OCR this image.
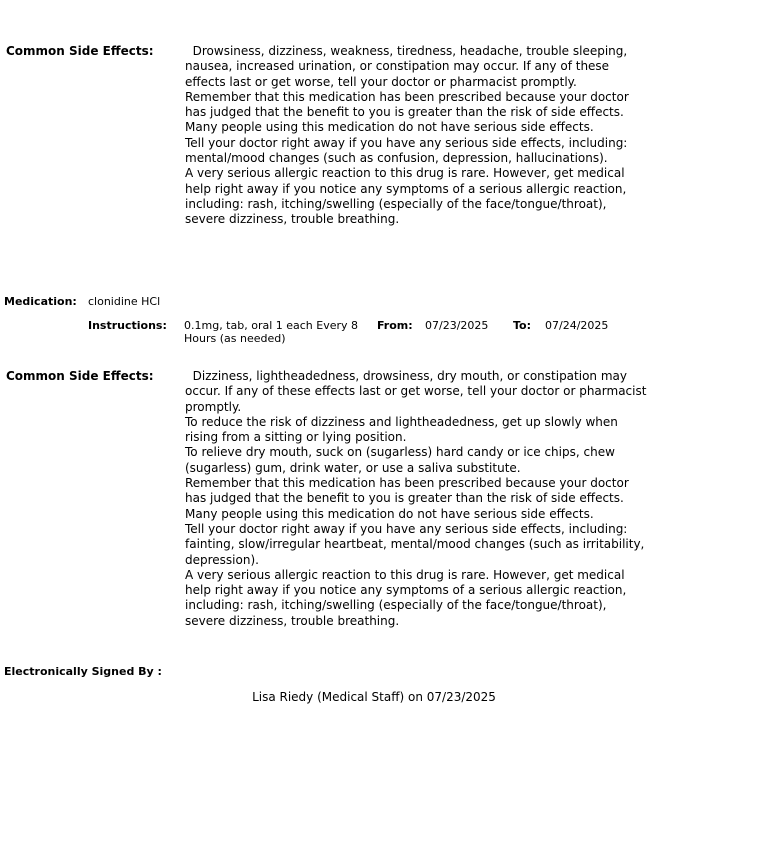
Common Side Effects:	Drowsiness, dizziness, weakness, tiredness, headache, trouble sleeping, nausea, increased urination, or constipation may occur. If any of these effects last or get worse, tell your doctor or pharmacist promptly.

Remember that this medication has been prescribed because your doctor has judged that the benefit to you is greater than the risk of side effects. Many people using this medication do not have serious side effects.

Tell your doctor right away if you have any serious side effects, including: mental/mood changes (such as confusion, depression, hallucinations).

A very serious allergic reaction to this drug is rare. However, get medical help right away if you notice any symptoms of a serious allergic reaction, including: rash, itching/swelling (especially of the face/tongue/throat), severe dizziness, trouble breathing.

Medication: clonidine HCl
Instructions: 0.1mg, tab, oral 1 each Every 8 Hours (as needed)
From: 07/23/2025 To: 07/24/2025
Common Side Effects:	Dizziness, lightheadedness, drowsiness, dry mouth, or constipation may occur. If any of these effects last or get worse, tell your doctor or pharmacist promptly.

To reduce the risk of dizziness and lightheadedness, get up slowly when rising from a sitting or lying position.

To relieve dry mouth, suck on (sugarless) hard candy or ice chips, chew (sugarless) gum, drink water, or use a saliva substitute.

Remember that this medication has been prescribed because your doctor has judged that the benefit to you is greater than the risk of side effects. Many people using this medication do not have serious side effects.

Tell your doctor right away if you have any serious side effects, including: fainting, slow/irregular heartbeat, mental/mood changes (such as irritability, depression).

A very serious allergic reaction to this drug is rare. However, get medical help right away if you notice any symptoms of a serious allergic reaction, including: rash, itching/swelling (especially of the face/tongue/throat), severe dizziness, trouble breathing.

Electronically Signed By :
Lisa Riedy (Medical Staff) on 07/23/2025
